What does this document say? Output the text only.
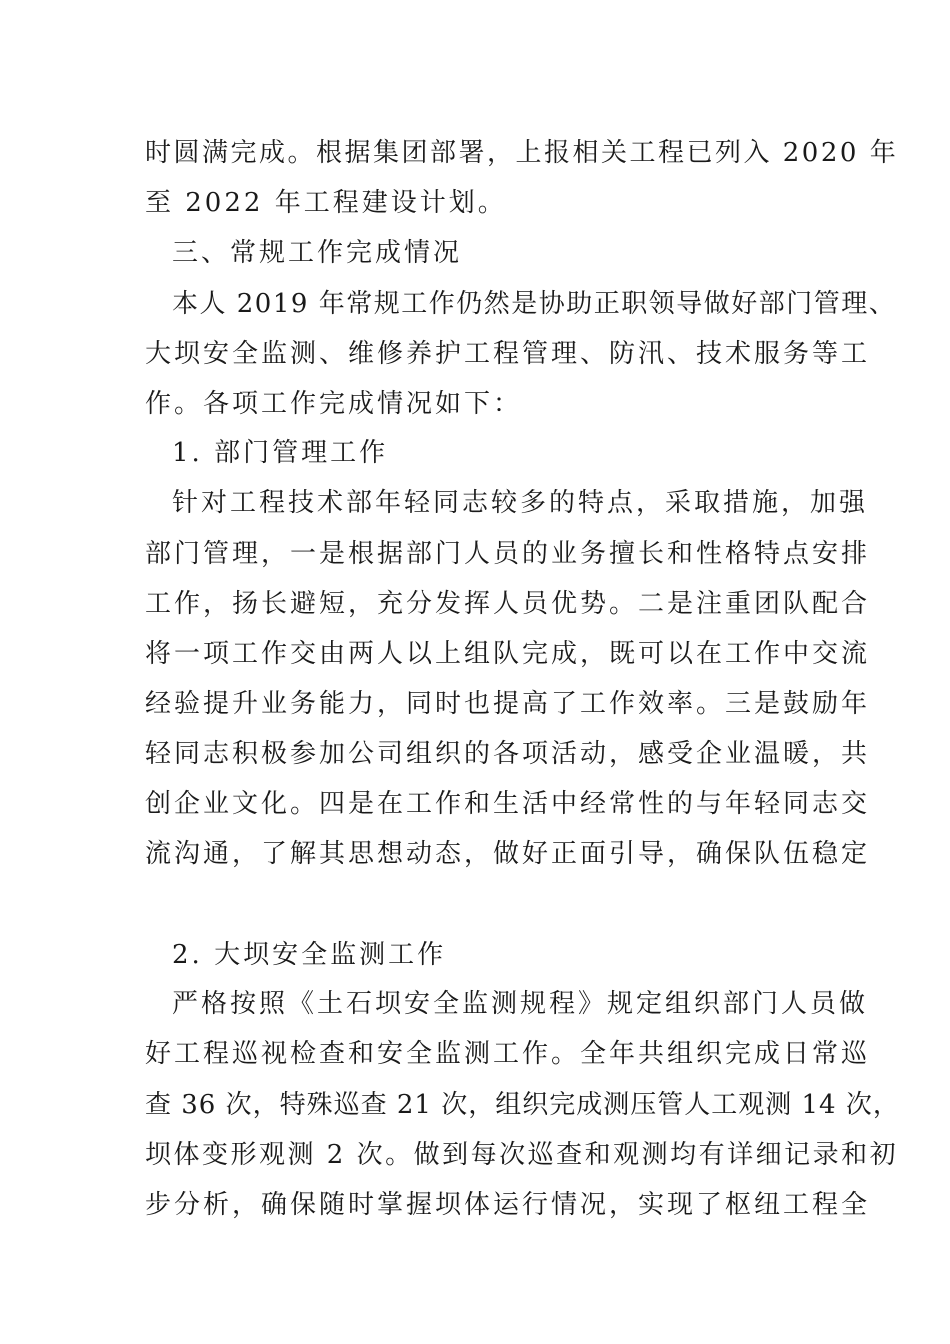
时圆满完成。根据集团部署，上报相关工程已列入 2020 年
至 2022 年工程建设计划。
三、常规工作完成情况
本人 2019 年常规工作仍然是协助正职领导做好部门管理、
大坝安全监测、维修养护工程管理、防汛、技术服务等工
作。各项工作完成情况如下：
1. 部门管理工作
针对工程技术部年轻同志较多的特点，采取措施，加强
部门管理，一是根据部门人员的业务擅长和性格特点安排
工作，扬长避短，充分发挥人员优势。二是注重团队配合
将一项工作交由两人以上组队完成，既可以在工作中交流
经验提升业务能力，同时也提高了工作效率。三是鼓励年
轻同志积极参加公司组织的各项活动，感受企业温暖，共
创企业文化。四是在工作和生活中经常性的与年轻同志交
流沟通，了解其思想动态，做好正面引导，确保队伍稳定
2. 大坝安全监测工作
严格按照《土石坝安全监测规程》规定组织部门人员做
好工程巡视检查和安全监测工作。全年共组织完成日常巡
查 36 次，特殊巡查 21 次，组织完成测压管人工观测 14 次，
坝体变形观测 2 次。做到每次巡查和观测均有详细记录和初
步分析，确保随时掌握坝体运行情况，实现了枢纽工程全
